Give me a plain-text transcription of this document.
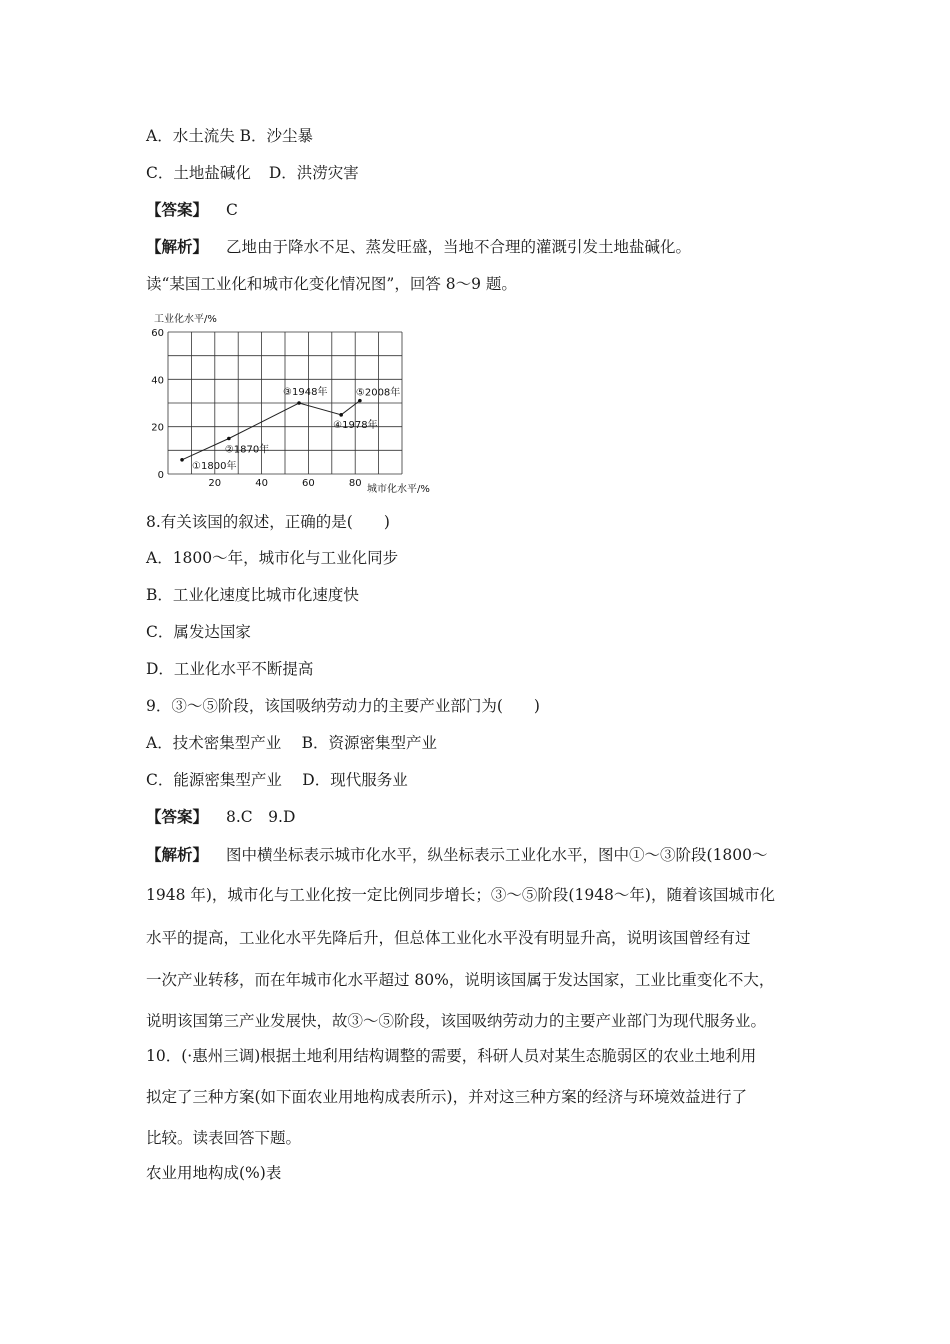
A．水土流失 B．沙尘暴
C．土地盐碱化 D．洪涝灾害
【答案】 C
【解析】 乙地由于降水不足、蒸发旺盛，当地不合理的灌溉引发土地盐碱化。
读“某国工业化和城市化变化情况图”，回答 8～9 题。
工业化水平/%
0
20
40
60
20	40	60	80
①1800年
②1870年
③1948年
④1978年
⑤2008年
城市化水平/%
8.有关该国的叙述，正确的是(　　)
A．1800～年，城市化与工业化同步
B．工业化速度比城市化速度快
C．属发达国家
D．工业化水平不断提高
9．③～⑤阶段，该国吸纳劳动力的主要产业部门为(　　)
A．技术密集型产业　 B．资源密集型产业
C．能源密集型产业　 D．现代服务业
【答案】 8.C　9.D
【解析】 图中横坐标表示城市化水平，纵坐标表示工业化水平，图中①～③阶段(1800～
1948 年)，城市化与工业化按一定比例同步增长；③～⑤阶段(1948～年)，随着该国城市化
水平的提高，工业化水平先降后升，但总体工业化水平没有明显升高，说明该国曾经有过
一次产业转移，而在年城市化水平超过 80%，说明该国属于发达国家，工业比重变化不大，
说明该国第三产业发展快，故③～⑤阶段，该国吸纳劳动力的主要产业部门为现代服务业。
10．(·惠州三调)根据土地利用结构调整的需要，科研人员对某生态脆弱区的农业土地利用
拟定了三种方案(如下面农业用地构成表所示)，并对这三种方案的经济与环境效益进行了
比较。读表回答下题。
农业用地构成(%)表
